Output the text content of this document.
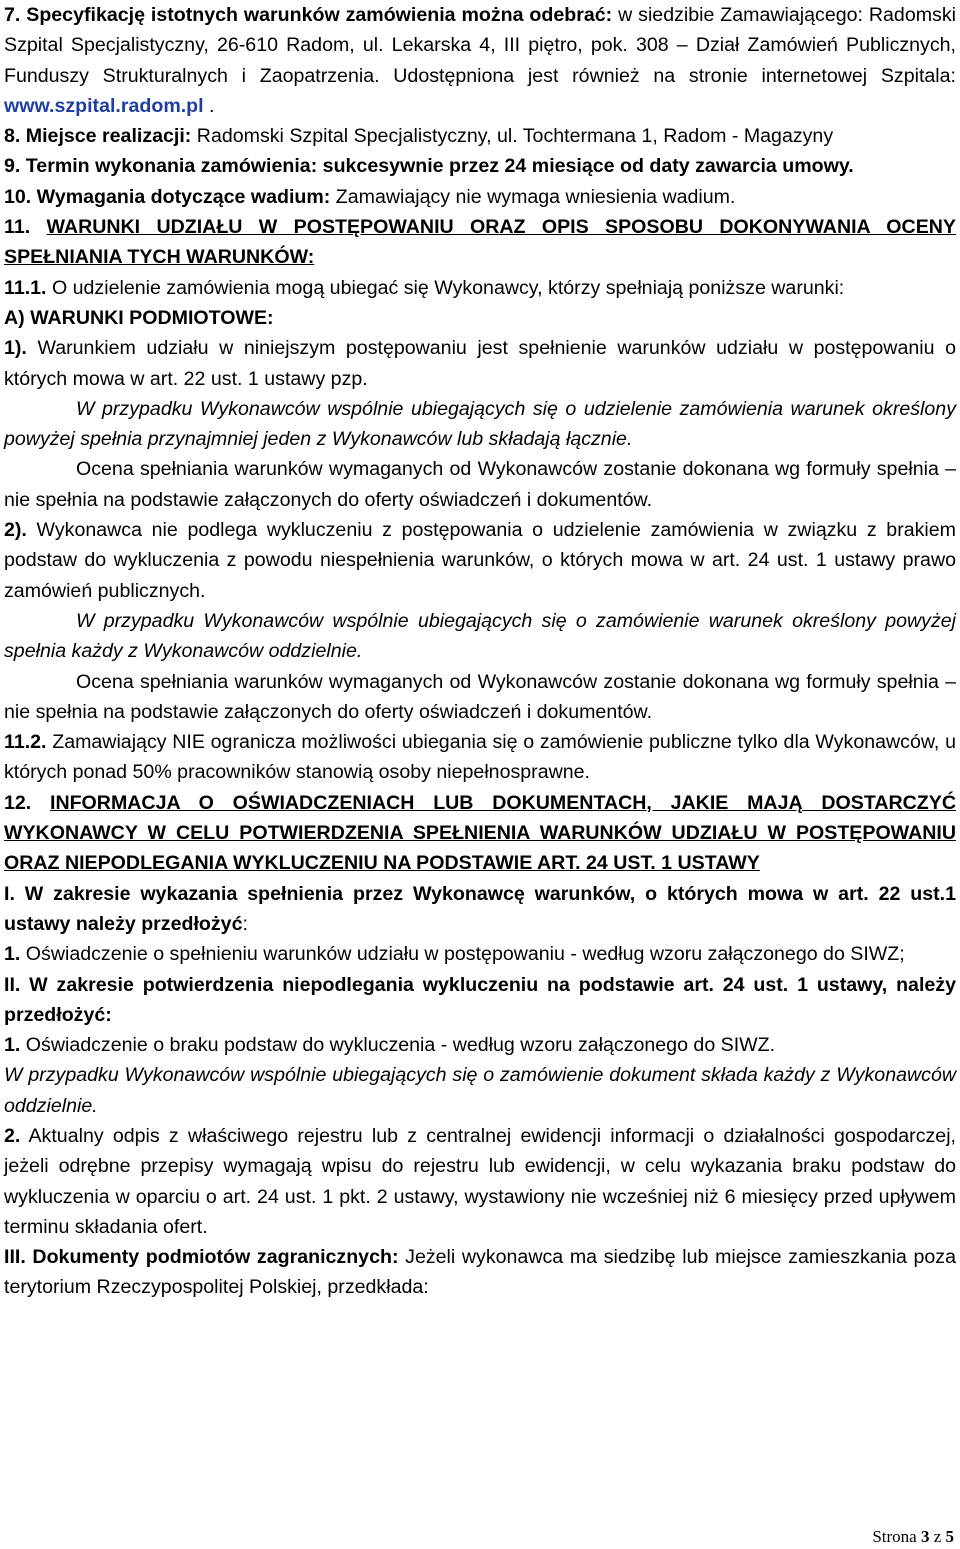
7. Specyfikację istotnych warunków zamówienia można odebrać: w siedzibie Zamawiającego: Radomski Szpital Specjalistyczny, 26-610 Radom, ul. Lekarska 4, III piętro, pok. 308 – Dział Zamówień Publicznych, Funduszy Strukturalnych i Zaopatrzenia. Udostępniona jest również na stronie internetowej Szpitala: www.szpital.radom.pl .

8. Miejsce realizacji: Radomski Szpital Specjalistyczny, ul. Tochtermana 1, Radom - Magazyny

9. Termin wykonania zamówienia: sukcesywnie przez 24 miesiące od daty zawarcia umowy.

10. Wymagania dotyczące wadium: Zamawiający nie wymaga wniesienia wadium.

11. WARUNKI UDZIAŁU W POSTĘPOWANIU ORAZ OPIS SPOSOBU DOKONYWANIA OCENY SPEŁNIANIA TYCH WARUNKÓW:

11.1. O udzielenie zamówienia mogą ubiegać się Wykonawcy, którzy spełniają poniższe warunki:

A) WARUNKI PODMIOTOWE:

1). Warunkiem udziału w niniejszym postępowaniu jest spełnienie warunków udziału w postępowaniu o których mowa w art. 22 ust. 1 ustawy pzp.

W przypadku Wykonawców wspólnie ubiegających się o udzielenie zamówienia warunek określony powyżej spełnia przynajmniej jeden z Wykonawców lub składają łącznie.

Ocena spełniania warunków wymaganych od Wykonawców zostanie dokonana wg formuły spełnia – nie spełnia na podstawie załączonych do oferty oświadczeń i dokumentów.

2). Wykonawca nie podlega wykluczeniu z postępowania o udzielenie zamówienia w związku z brakiem podstaw do wykluczenia z powodu niespełnienia warunków, o których mowa w art. 24 ust. 1 ustawy prawo zamówień publicznych.

W przypadku Wykonawców wspólnie ubiegających się o zamówienie warunek określony powyżej spełnia każdy z Wykonawców oddzielnie.

Ocena spełniania warunków wymaganych od Wykonawców zostanie dokonana wg formuły spełnia – nie spełnia na podstawie załączonych do oferty oświadczeń i dokumentów.

11.2. Zamawiający NIE ogranicza możliwości ubiegania się o zamówienie publiczne tylko dla Wykonawców, u których ponad 50% pracowników stanowią osoby niepełnosprawne.

12. INFORMACJA O OŚWIADCZENIACH LUB DOKUMENTACH, JAKIE MAJĄ DOSTARCZYĆ WYKONAWCY W CELU POTWIERDZENIA SPEŁNIENIA WARUNKÓW UDZIAŁU W POSTĘPOWANIU ORAZ NIEPODLEGANIA WYKLUCZENIU NA PODSTAWIE ART. 24 UST. 1 USTAWY

I. W zakresie wykazania spełnienia przez Wykonawcę warunków, o których mowa w art. 22 ust.1 ustawy należy przedłożyć:

1. Oświadczenie o spełnieniu warunków udziału w postępowaniu - według wzoru załączonego do SIWZ;

II. W zakresie potwierdzenia niepodlegania wykluczeniu na podstawie art. 24 ust. 1 ustawy, należy przedłożyć:

1. Oświadczenie o braku podstaw do wykluczenia - według wzoru załączonego do SIWZ.

W przypadku Wykonawców wspólnie ubiegających się o zamówienie dokument składa każdy z Wykonawców oddzielnie.

2. Aktualny odpis z właściwego rejestru lub z centralnej ewidencji informacji o działalności gospodarczej, jeżeli odrębne przepisy wymagają wpisu do rejestru lub ewidencji, w celu wykazania braku podstaw do wykluczenia w oparciu o art. 24 ust. 1 pkt. 2 ustawy, wystawiony nie wcześniej niż 6 miesięcy przed upływem terminu składania ofert.

III. Dokumenty podmiotów zagranicznych: Jeżeli wykonawca ma siedzibę lub miejsce zamieszkania poza terytorium Rzeczypospolitej Polskiej, przedkłada:

Strona 3 z 5
